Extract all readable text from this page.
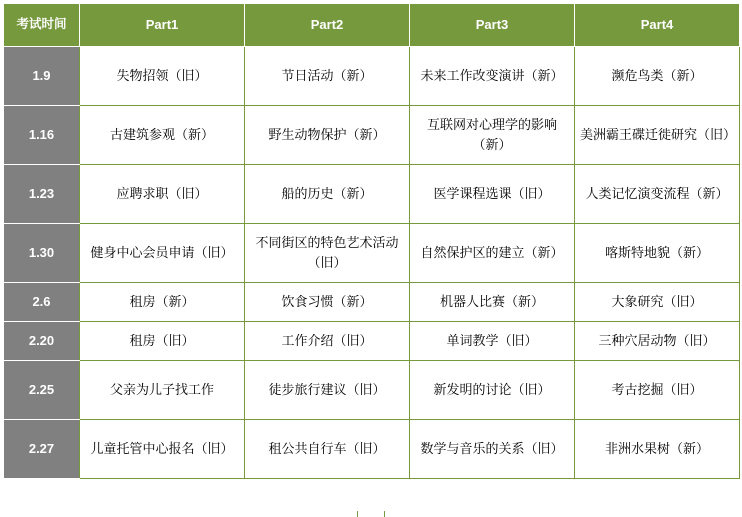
考试时间	Part1	Part2	Part3	Part4
1.9	失物招领（旧）	节日活动（新）	未来工作改变演讲（新）	濒危鸟类（新）
1.16	古建筑参观（新）	野生动物保护（新）	互联网对心理学的影响（新）	美洲霸王碟迁徙研究（旧）
1.23	应聘求职（旧）	船的历史（新）	医学课程选课（旧）	人类记忆演变流程（新）
1.30	健身中心会员申请（旧）	不同街区的特色艺术活动（旧）	自然保护区的建立（新）	喀斯特地貌（新）
2.6	租房（新）	饮食习惯（新）	机器人比赛（新）	大象研究（旧）
2.20	租房（旧）	工作介绍（旧）	单词教学（旧）	三种穴居动物（旧）
2.25	父亲为儿子找工作	徒步旅行建议（旧）	新发明的讨论（旧）	考古挖掘（旧）
2.27	儿童托管中心报名（旧）	租公共自行车（旧）	数学与音乐的关系（旧）	非洲水果树（新）
